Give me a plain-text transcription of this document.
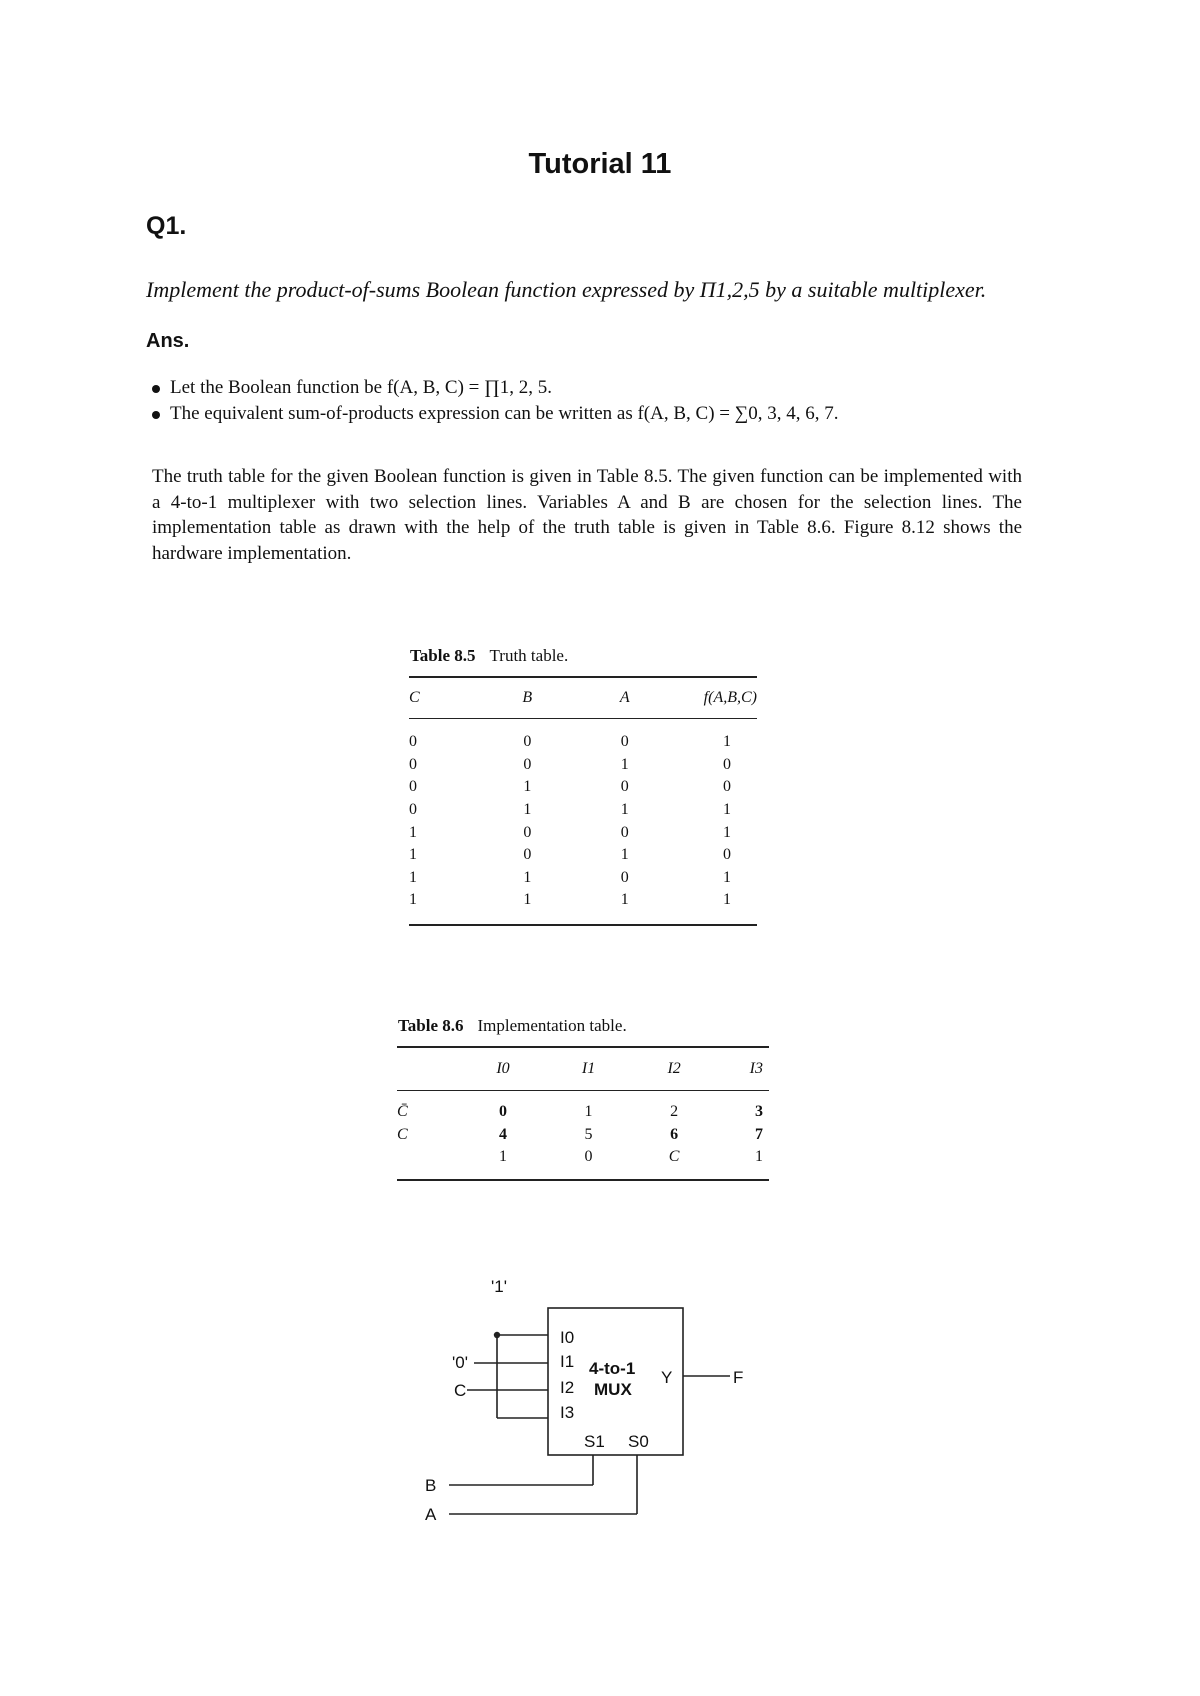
Tutorial 11
Q1.
Implement the product-of-sums Boolean function expressed by Π1,2,5 by a suitable multiplexer.
Ans.
Let the Boolean function be f(A, B, C) = ∏1, 2, 5.
The equivalent sum-of-products expression can be written as f(A, B, C) = ∑0, 3, 4, 6, 7.
The truth table for the given Boolean function is given in Table 8.5. The given function can be implemented with a 4-to-1 multiplexer with two selection lines. Variables A and B are chosen for the selection lines. The implementation table as drawn with the help of the truth table is given in Table 8.6. Figure 8.12 shows the hardware implementation.
Table 8.5 Truth table.
C	B	A	f(A,B,C)
0	0	0	1
0	0	1	0
0	1	0	0
0	1	1	1
1	0	0	1
1	0	1	0
1	1	0	1
1	1	1	1
Table 8.6 Implementation table.
	I0	I1	I2	I3
C̄	0	1	2	3
C	4	5	6	7
	1	0	C	1
'1'
'0'
C
I0
I1
I2
I3
4-to-1
MUX
Y	F
S1 S0
B
A
